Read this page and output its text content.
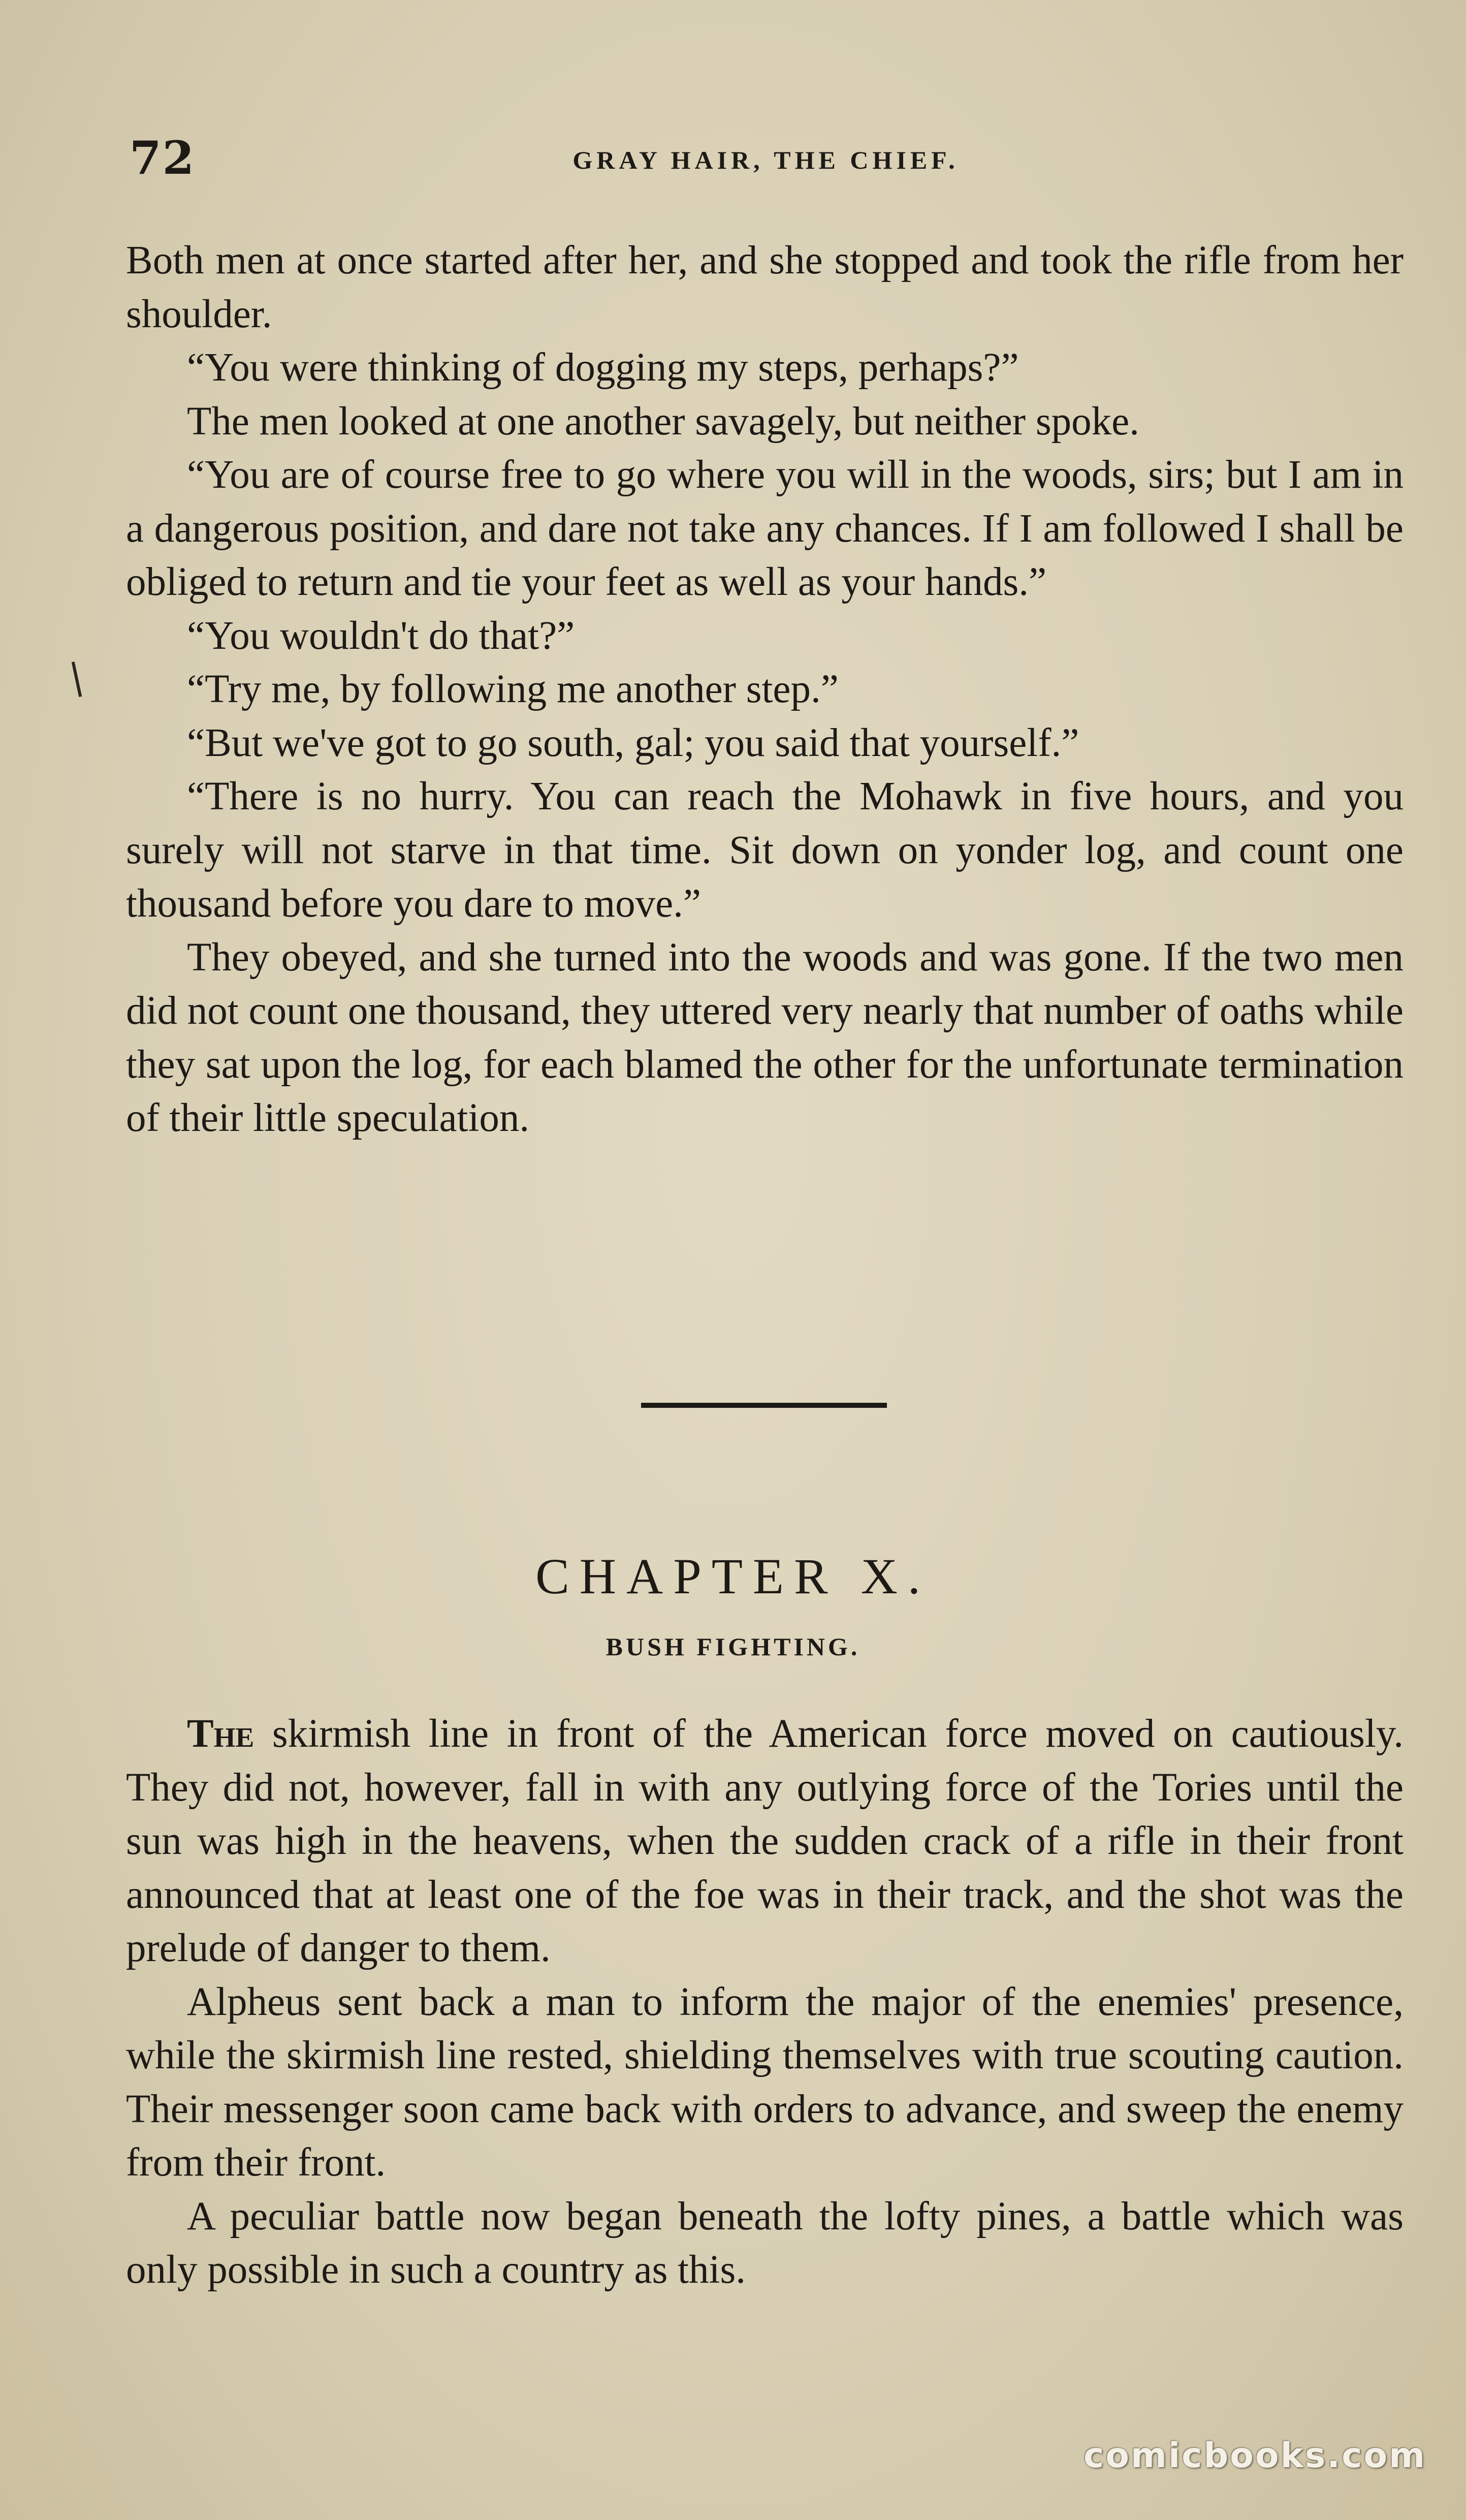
72	GRAY HAIR, THE CHIEF.

Both men at once started after her, and she stopped and took the rifle from her shoulder.

“You were thinking of dogging my steps, perhaps?”

The men looked at one another savagely, but neither spoke.

“You are of course free to go where you will in the woods, sirs; but I am in a dangerous position, and dare not take any chances. If I am followed I shall be obliged to return and tie your feet as well as your hands.”

“You wouldn't do that?”

“Try me, by following me another step.”

“But we've got to go south, gal; you said that yourself.”

“There is no hurry. You can reach the Mohawk in five hours, and you surely will not starve in that time. Sit down on yonder log, and count one thousand before you dare to move.”

They obeyed, and she turned into the woods and was gone. If the two men did not count one thousand, they uttered very nearly that number of oaths while they sat upon the log, for each blamed the other for the unfortunate termination of their little speculation.

CHAPTER X.
BUSH FIGHTING.

The skirmish line in front of the American force moved on cautiously. They did not, however, fall in with any outlying force of the Tories until the sun was high in the heavens, when the sudden crack of a rifle in their front announced that at least one of the foe was in their track, and the shot was the prelude of danger to them.

Alpheus sent back a man to inform the major of the enemies' presence, while the skirmish line rested, shielding themselves with true scouting caution. Their messenger soon came back with orders to advance, and sweep the enemy from their front.

A peculiar battle now began beneath the lofty pines, a battle which was only possible in such a country as this.

comicbooks.com
